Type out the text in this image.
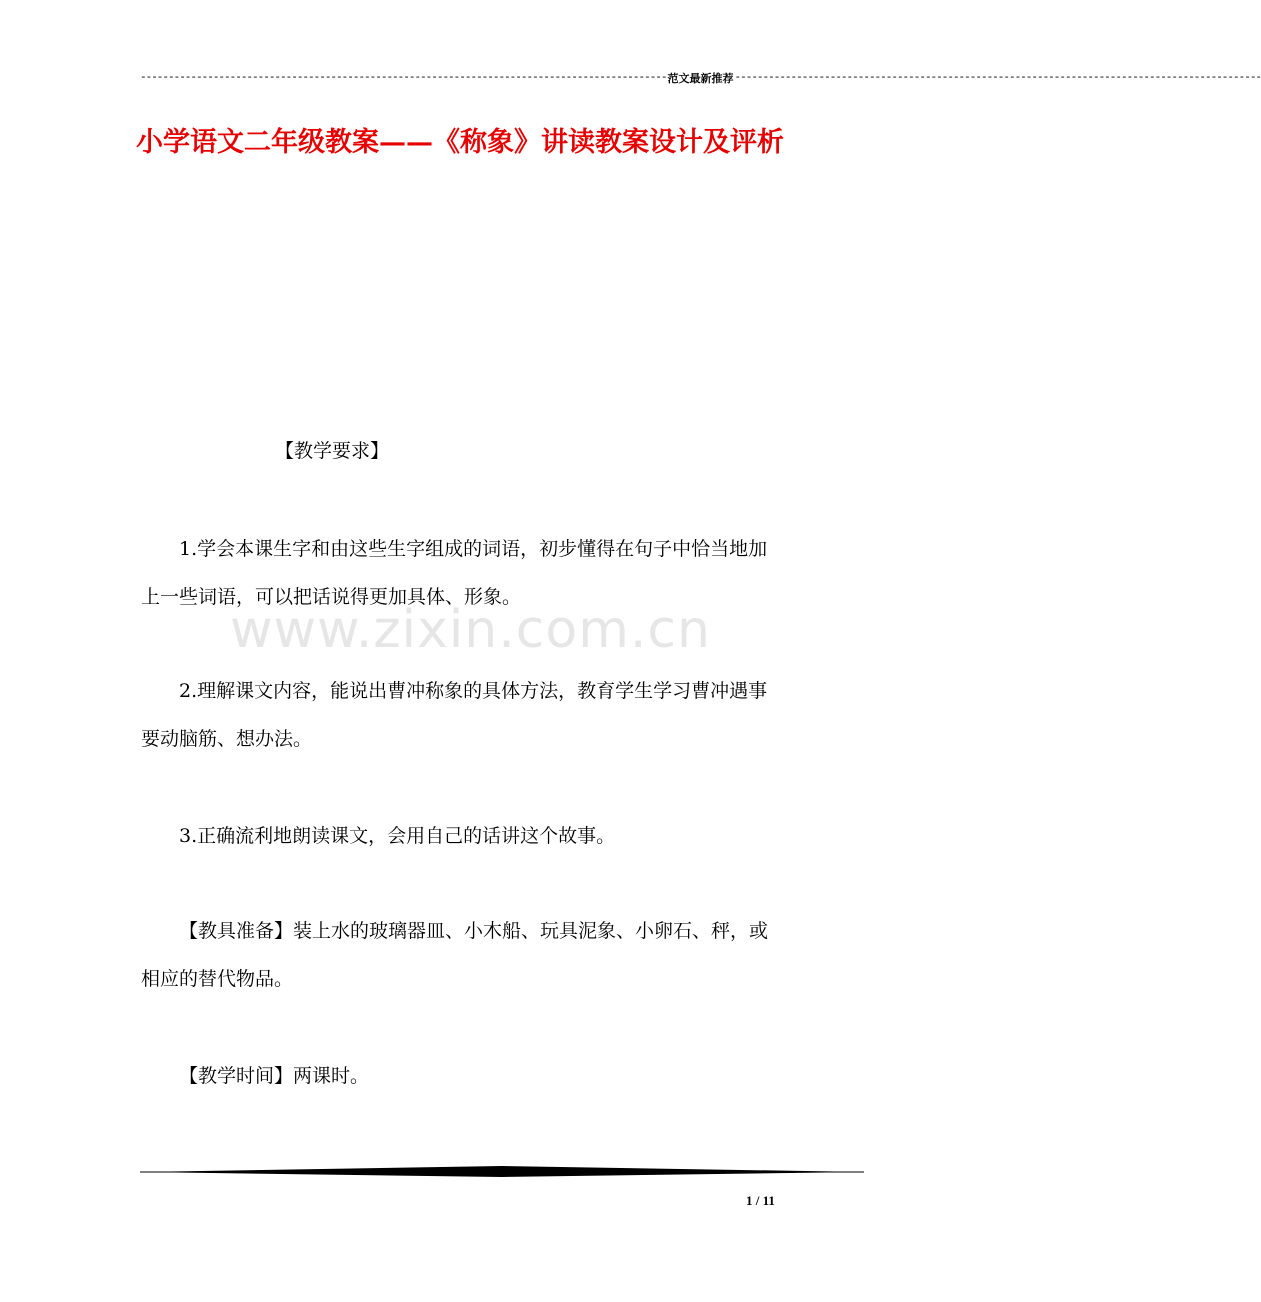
---------------------------------------------------------------------------------------------- 范文最新推荐 ----------------------------------------------------------------------------------------------
小学语文二年级教案——《称象》讲读教案设计及评析
【教学要求】

1.学会本课生字和由这些生字组成的词语，初步懂得在句子中恰当地加上一些词语，可以把话说得更加具体、形象。

2.理解课文内容，能说出曹冲称象的具体方法，教育学生学习曹冲遇事要动脑筋、想办法。

3.正确流利地朗读课文，会用自己的话讲这个故事。

【教具准备】装上水的玻璃器皿、小木船、玩具泥象、小卵石、秤，或相应的替代物品。

【教学时间】两课时。

www.zixin.com.cn
1 / 11
